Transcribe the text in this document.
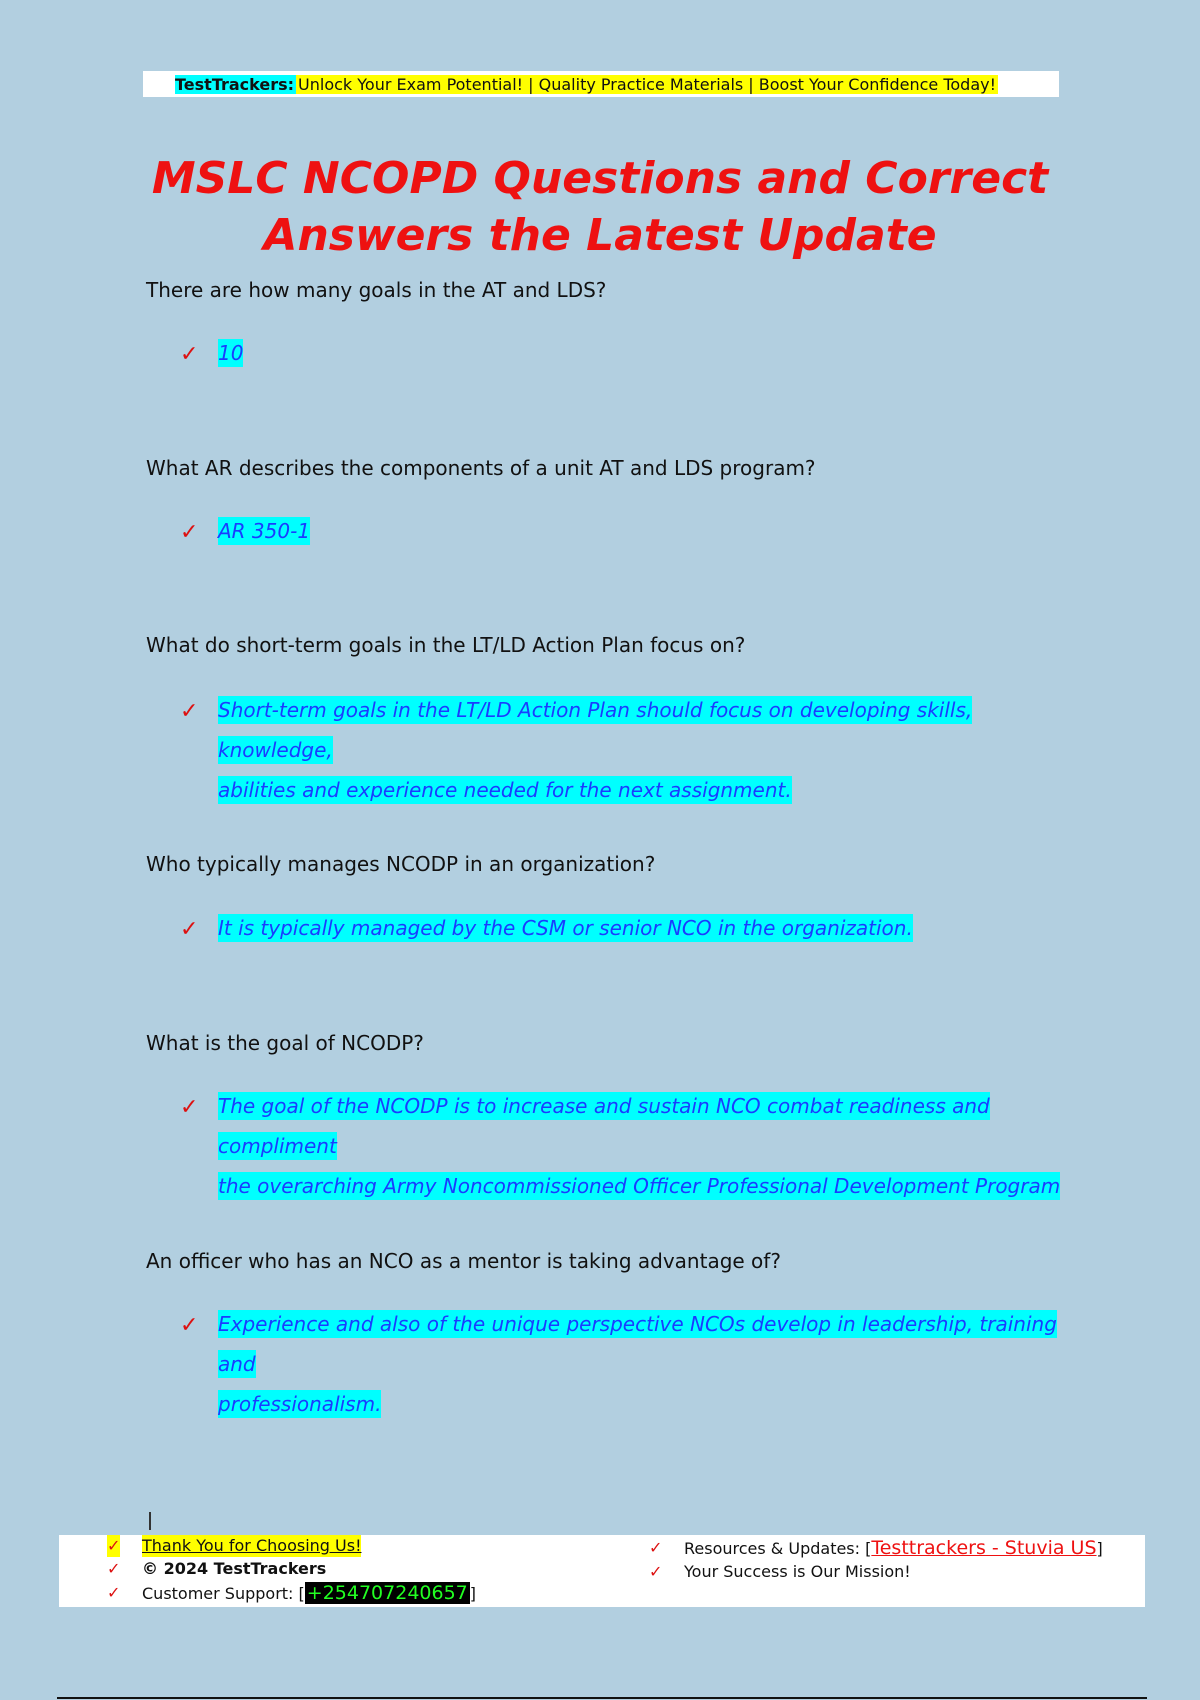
TestTrackers: Unlock Your Exam Potential! | Quality Practice Materials | Boost Your Confidence Today!
MSLC NCOPD Questions and Correct
Answers the Latest Update
There are how many goals in the AT and LDS?
✓ 10
What AR describes the components of a unit AT and LDS program?
✓ AR 350-1
What do short-term goals in the LT/LD Action Plan focus on?
✓ Short-term goals in the LT/LD Action Plan should focus on developing skills, knowledge,
abilities and experience needed for the next assignment.
Who typically manages NCODP in an organization?
✓ It is typically managed by the CSM or senior NCO in the organization.
What is the goal of NCODP?
✓ The goal of the NCODP is to increase and sustain NCO combat readiness and compliment
the overarching Army Noncommissioned Officer Professional Development Program
An officer who has an NCO as a mentor is taking advantage of?
✓ Experience and also of the unique perspective NCOs develop in leadership, training and
professionalism.
✓ Thank You for Choosing Us!
✓ © 2024 TestTrackers
✓ Customer Support: [ +254707240657 ]
✓ Resources & Updates: [Testtrackers - Stuvia US]
✓ Your Success is Our Mission!
